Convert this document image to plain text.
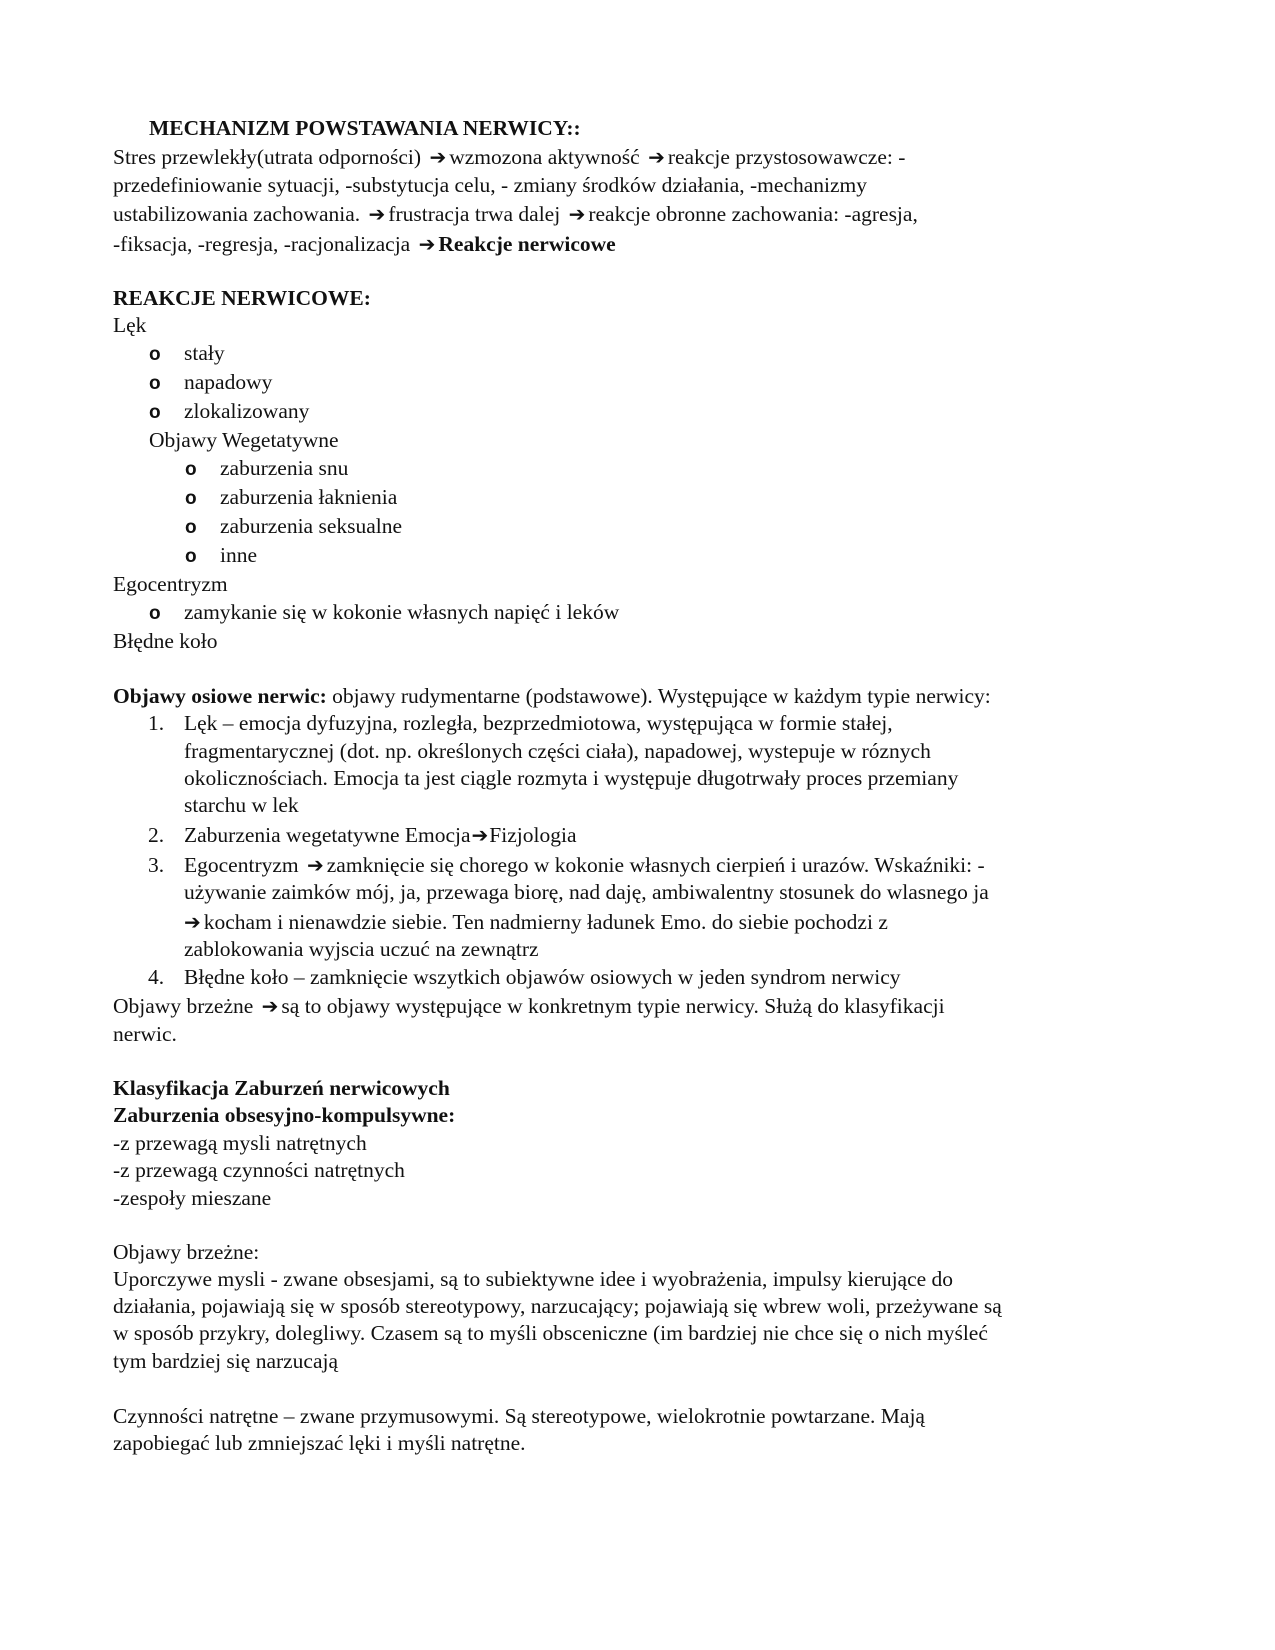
MECHANIZM POWSTAWANIA NERWICY::
Stres przewlekły(utrata odporności) ➔ wzmozona aktywność ➔ reakcje przystosowawcze: -
przedefiniowanie sytuacji, -substytucja celu, - zmiany środków działania, -mechanizmy
ustabilizowania zachowania. ➔ frustracja trwa dalej ➔ reakcje obronne zachowania: -agresja,
-fiksacja, -regresja, -racjonalizacja ➔ Reakcje nerwicowe
REAKCJE NERWICOWE:
Lęk
o stały
o napadowy
o zlokalizowany
Objawy Wegetatywne
o zaburzenia snu
o zaburzenia łaknienia
o zaburzenia seksualne
o inne
Egocentryzm
o zamykanie się w kokonie własnych napięć i leków
Błędne koło
Objawy osiowe nerwic: objawy rudymentarne (podstawowe). Występujące w każdym typie nerwicy:
1. Lęk – emocja dyfuzyjna, rozległa, bezprzedmiotowa, występująca w formie stałej,
fragmentarycznej (dot. np. określonych części ciała), napadowej, wystepuje w róznych
okolicznościach. Emocja ta jest ciągle rozmyta i występuje długotrwały proces przemiany
starchu w lek
2. Zaburzenia wegetatywne Emocja➔Fizjologia
3. Egocentryzm ➔ zamknięcie się chorego w kokonie własnych cierpień i urazów. Wskaźniki: -
używanie zaimków mój, ja, przewaga biorę, nad daję, ambiwalentny stosunek do wlasnego ja
➔ kocham i nienawdzie siebie. Ten nadmierny ładunek Emo. do siebie pochodzi z
zablokowania wyjscia uczuć na zewnątrz
4. Błędne koło – zamknięcie wszytkich objawów osiowych w jeden syndrom nerwicy
Objawy brzeżne ➔ są to objawy występujące w konkretnym typie nerwicy. Służą do klasyfikacji
nerwic.
Klasyfikacja Zaburzeń nerwicowych
Zaburzenia obsesyjno-kompulsywne:
-z przewagą mysli natrętnych
-z przewagą czynności natrętnych
-zespoły mieszane
Objawy brzeżne:
Uporczywe mysli - zwane obsesjami, są to subiektywne idee i wyobrażenia, impulsy kierujące do
działania, pojawiają się w sposób stereotypowy, narzucający; pojawiają się wbrew woli, przeżywane są
w sposób przykry, dolegliwy. Czasem są to myśli obsceniczne (im bardziej nie chce się o nich myśleć
tym bardziej się narzucają
Czynności natrętne – zwane przymusowymi. Są stereotypowe, wielokrotnie powtarzane. Mają
zapobiegać lub zmniejszać lęki i myśli natrętne.
